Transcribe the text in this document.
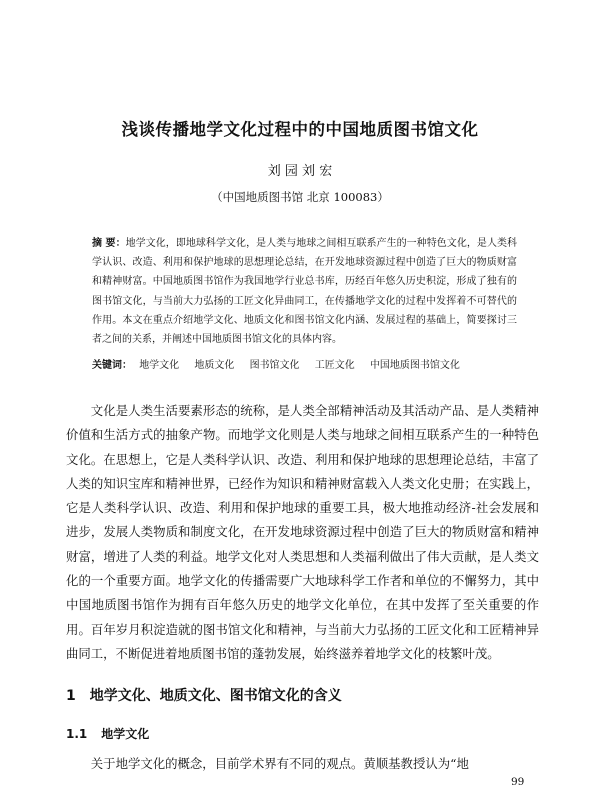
浅谈传播地学文化过程中的中国地质图书馆文化
刘 园 刘 宏
（中国地质图书馆 北京 100083）
摘 要：地学文化，即地球科学文化，是人类与地球之间相互联系产生的一种特色文化，是人类科学认识、改造、利用和保护地球的思想理论总结，在开发地球资源过程中创造了巨大的物质财富和精神财富。中国地质图书馆作为我国地学行业总书库，历经百年悠久历史积淀，形成了独有的图书馆文化，与当前大力弘扬的工匠文化异曲同工，在传播地学文化的过程中发挥着不可替代的作用。本文在重点介绍地学文化、地质文化和图书馆文化内涵、发展过程的基础上，简要探讨三者之间的关系，并阐述中国地质图书馆文化的具体内容。
关键词： 地学文化 地质文化 图书馆文化 工匠文化 中国地质图书馆文化

文化是人类生活要素形态的统称，是人类全部精神活动及其活动产品、是人类精神价值和生活方式的抽象产物。而地学文化则是人类与地球之间相互联系产生的一种特色文化。在思想上，它是人类科学认识、改造、利用和保护地球的思想理论总结，丰富了人类的知识宝库和精神世界，已经作为知识和精神财富载入人类文化史册；在实践上，它是人类科学认识、改造、利用和保护地球的重要工具，极大地推动经济-社会发展和进步，发展人类物质和制度文化，在开发地球资源过程中创造了巨大的物质财富和精神财富，增进了人类的利益。地学文化对人类思想和人类福利做出了伟大贡献，是人类文化的一个重要方面。地学文化的传播需要广大地球科学工作者和单位的不懈努力，其中中国地质图书馆作为拥有百年悠久历史的地学文化单位，在其中发挥了至关重要的作用。百年岁月积淀造就的图书馆文化和精神，与当前大力弘扬的工匠文化和工匠精神异曲同工，不断促进着地质图书馆的蓬勃发展，始终滋养着地学文化的枝繁叶茂。

1 地学文化、地质文化、图书馆文化的含义
1.1 地学文化

关于地学文化的概念，目前学术界有不同的观点。黄顺基教授认为“地

99
